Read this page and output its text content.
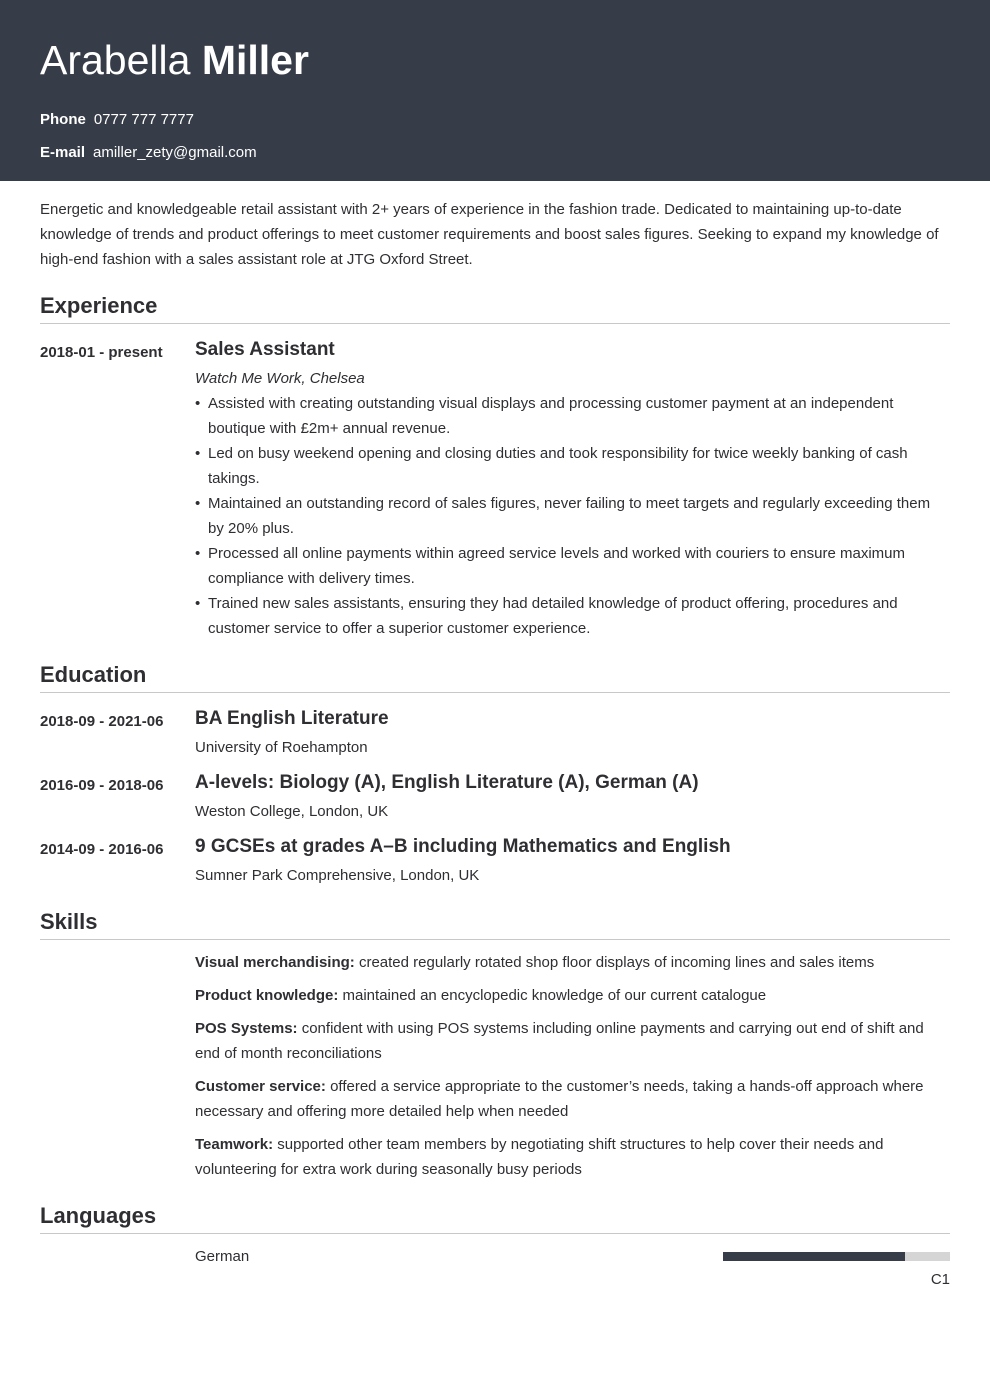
Arabella Miller
Phone 0777 777 7777
E-mail amiller_zety@gmail.com

Energetic and knowledgeable retail assistant with 2+ years of experience in the fashion trade. Dedicated to maintaining up-to-date knowledge of trends and product offerings to meet customer requirements and boost sales figures. Seeking to expand my knowledge of high-end fashion with a sales assistant role at JTG Oxford Street.

Experience
2018-01 - present	Sales Assistant
Watch Me Work, Chelsea
• Assisted with creating outstanding visual displays and processing customer payment at an independent boutique with £2m+ annual revenue.
• Led on busy weekend opening and closing duties and took responsibility for twice weekly banking of cash takings.
• Maintained an outstanding record of sales figures, never failing to meet targets and regularly exceeding them by 20% plus.
• Processed all online payments within agreed service levels and worked with couriers to ensure maximum compliance with delivery times.
• Trained new sales assistants, ensuring they had detailed knowledge of product offering, procedures and customer service to offer a superior customer experience.
Education
2018-09 - 2021-06	BA English Literature
University of Roehampton
2016-09 - 2018-06	A-levels: Biology (A), English Literature (A), German (A)
Weston College, London, UK
2014-09 - 2016-06	9 GCSEs at grades A–B including Mathematics and English
Sumner Park Comprehensive, London, UK
Skills
Visual merchandising: created regularly rotated shop floor displays of incoming lines and sales items
Product knowledge: maintained an encyclopedic knowledge of our current catalogue
POS Systems: confident with using POS systems including online payments and carrying out end of shift and end of month reconciliations
Customer service: offered a service appropriate to the customer’s needs, taking a hands-off approach where necessary and offering more detailed help when needed
Teamwork: supported other team members by negotiating shift structures to help cover their needs and volunteering for extra work during seasonally busy periods
Languages
German
C1
